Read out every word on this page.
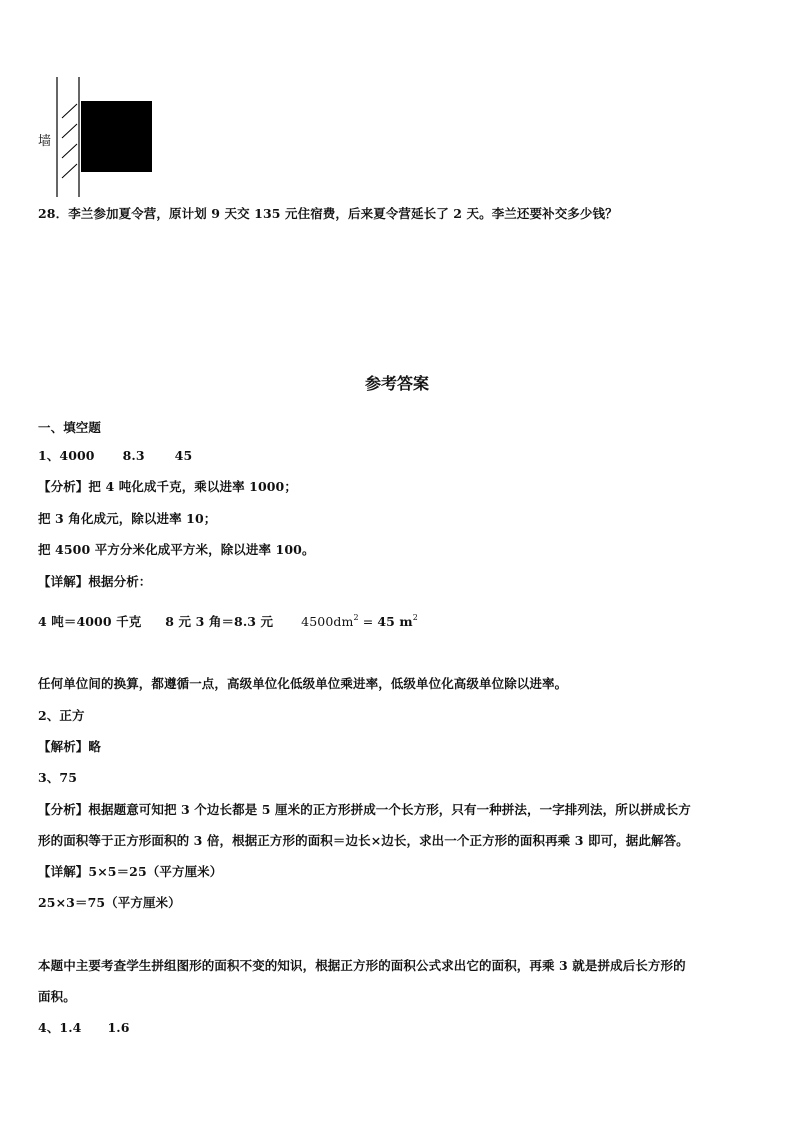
墙
28．李兰参加夏令营，原计划 9 天交 135 元住宿费，后来夏令营延长了 2 天。李兰还要补交多少钱？
参考答案
一、填空题
1、4000 8.3 45
【分析】把 4 吨化成千克，乘以进率 1000；
把 3 角化成元，除以进率 10；
把 4500 平方分米化成平方米，除以进率 100。
【详解】根据分析：
4 吨＝4000 千克 8 元 3 角＝8.3 元 $4500dm^2 = 45$ $m^2$
任何单位间的换算，都遵循一点，高级单位化低级单位乘进率，低级单位化高级单位除以进率。
2、正方
【解析】略
3、75
【分析】根据题意可知把 3 个边长都是 5 厘米的正方形拼成一个长方形，只有一种拼法，一字排列法，所以拼成长方
形的面积等于正方形面积的 3 倍，根据正方形的面积＝边长×边长，求出一个正方形的面积再乘 3 即可，据此解答。
【详解】5×5＝25（平方厘米）
25×3＝75（平方厘米）
本题中主要考查学生拼组图形的面积不变的知识，根据正方形的面积公式求出它的面积，再乘 3 就是拼成后长方形的
面积。
4、1.4 1.6
